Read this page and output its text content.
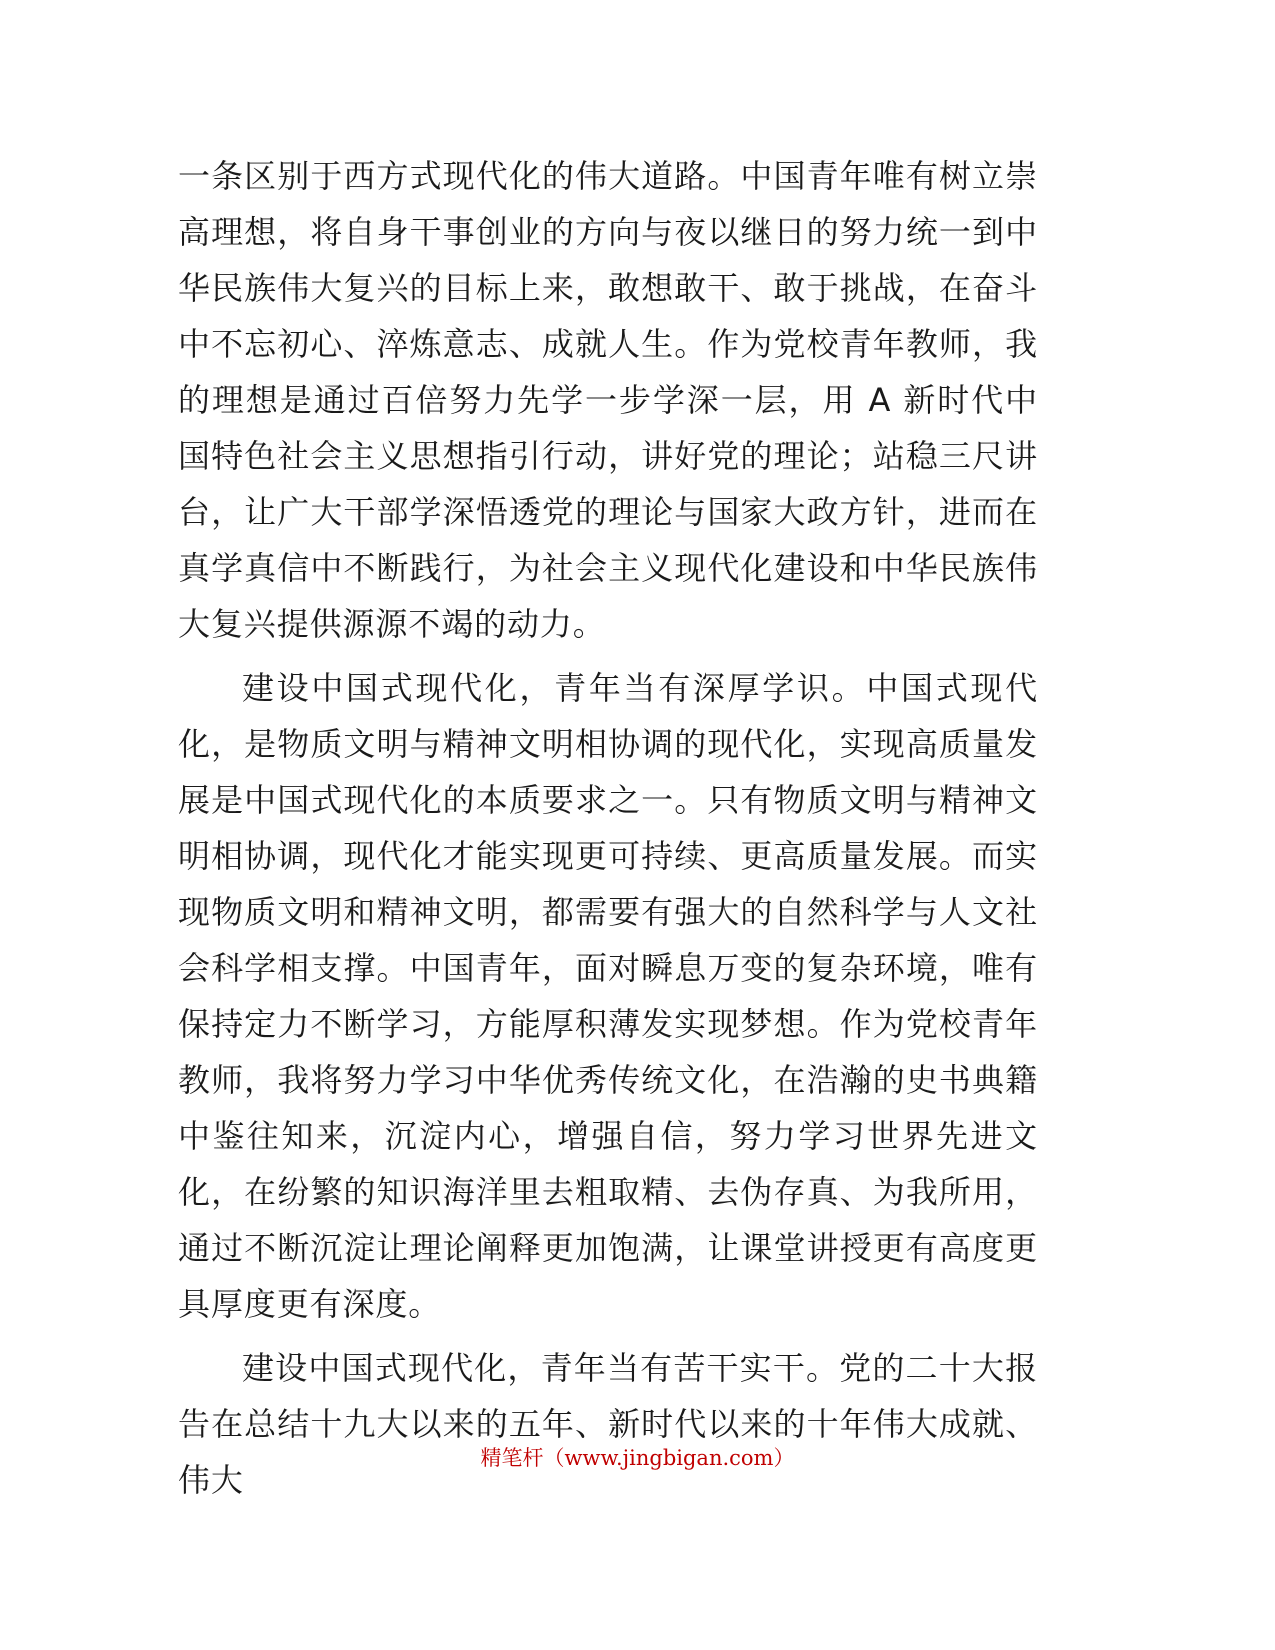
一条区别于西方式现代化的伟大道路。中国青年唯有树立崇高理想，将自身干事创业的方向与夜以继日的努力统一到中华民族伟大复兴的目标上来，敢想敢干、敢于挑战，在奋斗中不忘初心、淬炼意志、成就人生。作为党校青年教师，我的理想是通过百倍努力先学一步学深一层，用 A 新时代中国特色社会主义思想指引行动，讲好党的理论；站稳三尺讲台，让广大干部学深悟透党的理论与国家大政方针，进而在真学真信中不断践行，为社会主义现代化建设和中华民族伟大复兴提供源源不竭的动力。

建设中国式现代化，青年当有深厚学识。中国式现代化，是物质文明与精神文明相协调的现代化，实现高质量发展是中国式现代化的本质要求之一。只有物质文明与精神文明相协调，现代化才能实现更可持续、更高质量发展。而实现物质文明和精神文明，都需要有强大的自然科学与人文社会科学相支撑。中国青年，面对瞬息万变的复杂环境，唯有保持定力不断学习，方能厚积薄发实现梦想。作为党校青年教师，我将努力学习中华优秀传统文化，在浩瀚的史书典籍中鉴往知来，沉淀内心，增强自信，努力学习世界先进文化，在纷繁的知识海洋里去粗取精、去伪存真、为我所用，通过不断沉淀让理论阐释更加饱满，让课堂讲授更有高度更具厚度更有深度。

建设中国式现代化，青年当有苦干实干。党的二十大报告在总结十九大以来的五年、新时代以来的十年伟大成就、伟大

精笔杆（www.jingbigan.com）
